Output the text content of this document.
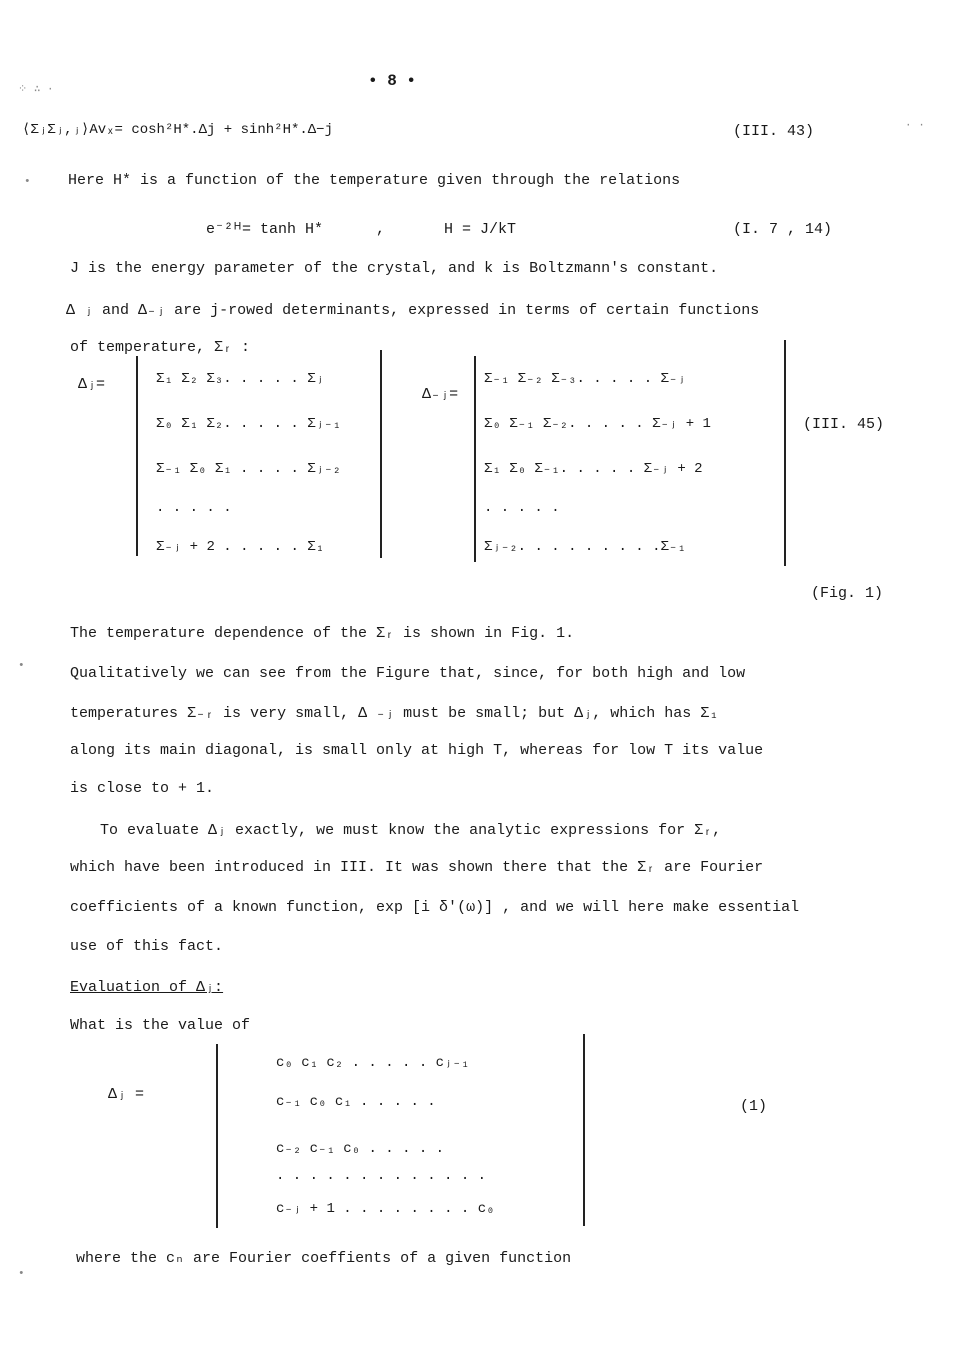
⁘ ∴ ·
· ·
•
•
•
• 8 •
⟨ΣⱼΣⱼ,ⱼ⟩Avₓ= cosh²H*.Δj + sinh²H*.Δ−j	(III. 43)
Here H* is a function of the temperature given through the relations
e⁻²ᴴ= tanh H*	,	H = J/kT	(I. 7 , 14)
J is the energy parameter of the crystal, and k is Boltzmann's constant.
Δ ⱼ and Δ₋ⱼ are j-rowed determinants, expressed in terms of certain functions
of temperature, Σᵣ :
Δⱼ=	Σ₁ Σ₂ Σ₃. . . . . Σⱼ
Σ₀ Σ₁ Σ₂. . . . . Σⱼ₋₁
Σ₋₁ Σ₀ Σ₁ . . . . Σⱼ₋₂
. . . . .
Σ₋ⱼ + 2 . . . . . Σ₁
Δ₋ⱼ=
Σ₋₁ Σ₋₂ Σ₋₃. . . . . Σ₋ⱼ
Σ₀ Σ₋₁ Σ₋₂. . . . . Σ₋ⱼ + 1
Σ₁ Σ₀ Σ₋₁. . . . . Σ₋ⱼ + 2
. . . . .
Σⱼ₋₂. . . . . . . . .Σ₋₁
(III. 45)
(Fig. 1)
The temperature dependence of the Σᵣ is shown in Fig. 1.
Qualitatively we can see from the Figure that, since, for both high and low
temperatures Σ₋ᵣ is very small, Δ ₋ⱼ must be small; but Δⱼ, which has Σ₁
along its main diagonal, is small only at high T, whereas for low T its value
is close to + 1.
To evaluate Δⱼ exactly, we must know the analytic expressions for Σᵣ,
which have been introduced in III. It was shown there that the Σᵣ are Fourier
coefficients of a known function, exp [i δ′(ω)] , and we will here make essential
use of this fact.
Evaluation of Δⱼ:
What is the value of
Δⱼ =
c₀ c₁ c₂ . . . . . cⱼ₋₁
c₋₁ c₀ c₁ . . . . .
c₋₂ c₋₁ c₀ . . . . .
. . . . . . . . . . . . .
c₋ⱼ + 1 . . . . . . . . c₀
(1)
where the cₙ are Fourier coeffients of a given function
